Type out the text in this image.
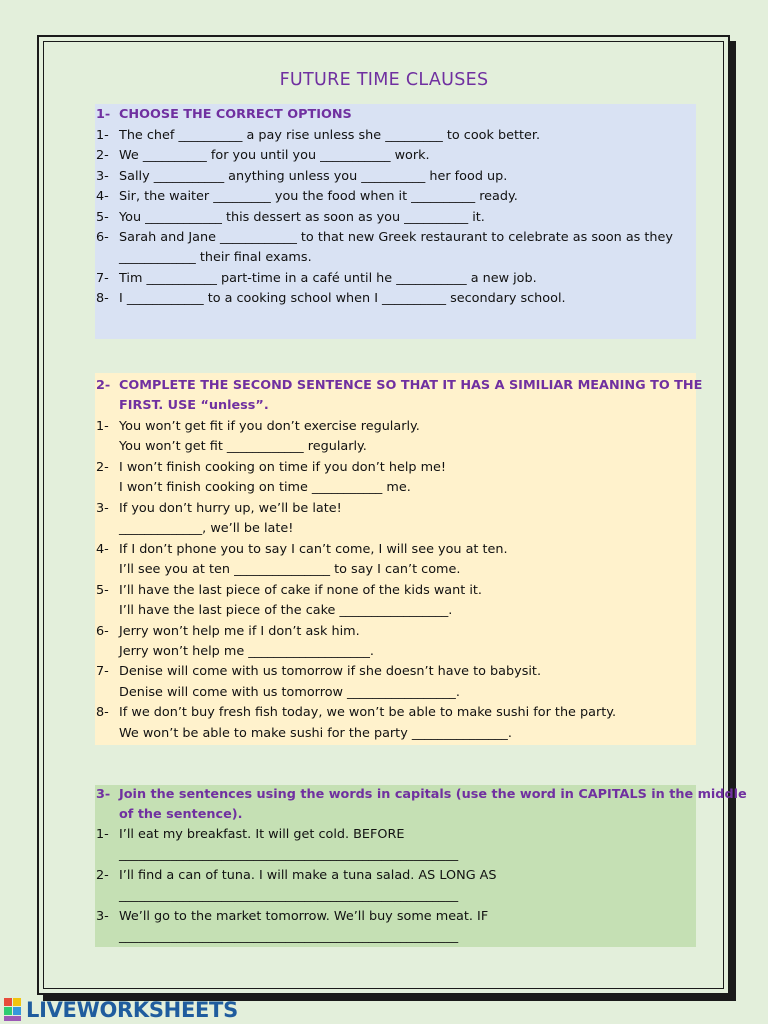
FUTURE TIME CLAUSES
1- CHOOSE THE CORRECT OPTIONS
1- The chef __________ a pay rise unless she _________ to cook better.
2- We __________ for you until you ___________ work.
3- Sally ___________ anything unless you __________ her food up.
4- Sir, the waiter _________ you the food when it __________ ready.
5- You ____________ this dessert as soon as you __________ it.
6- Sarah and Jane ____________ to that new Greek restaurant to celebrate as soon as they
____________ their final exams.
7- Tim ___________ part-time in a café until he ___________ a new job.
8- I ____________ to a cooking school when I __________ secondary school.
2- COMPLETE THE SECOND SENTENCE SO THAT IT HAS A SIMILIAR MEANING TO THE
FIRST. USE “unless”.
1- You won’t get fit if you don’t exercise regularly.
You won’t get fit ____________ regularly.
2- I won’t finish cooking on time if you don’t help me!
I won’t finish cooking on time ___________ me.
3- If you don’t hurry up, we’ll be late!
_____________, we’ll be late!
4- If I don’t phone you to say I can’t come, I will see you at ten.
I’ll see you at ten _______________ to say I can’t come.
5- I’ll have the last piece of cake if none of the kids want it.
I’ll have the last piece of the cake _________________.
6- Jerry won’t help me if I don’t ask him.
Jerry won’t help me ___________________.
7- Denise will come with us tomorrow if she doesn’t have to babysit.
Denise will come with us tomorrow _________________.
8- If we don’t buy fresh fish today, we won’t be able to make sushi for the party.
We won’t be able to make sushi for the party _______________.
3- Join the sentences using the words in capitals (use the word in CAPITALS in the middle
of the sentence).
1- I’ll eat my breakfast. It will get cold. BEFORE
_____________________________________________________
2- I’ll find a can of tuna. I will make a tuna salad. AS LONG AS
_____________________________________________________
3- We’ll go to the market tomorrow. We’ll buy some meat. IF
_____________________________________________________
LIVEWORKSHEETS
